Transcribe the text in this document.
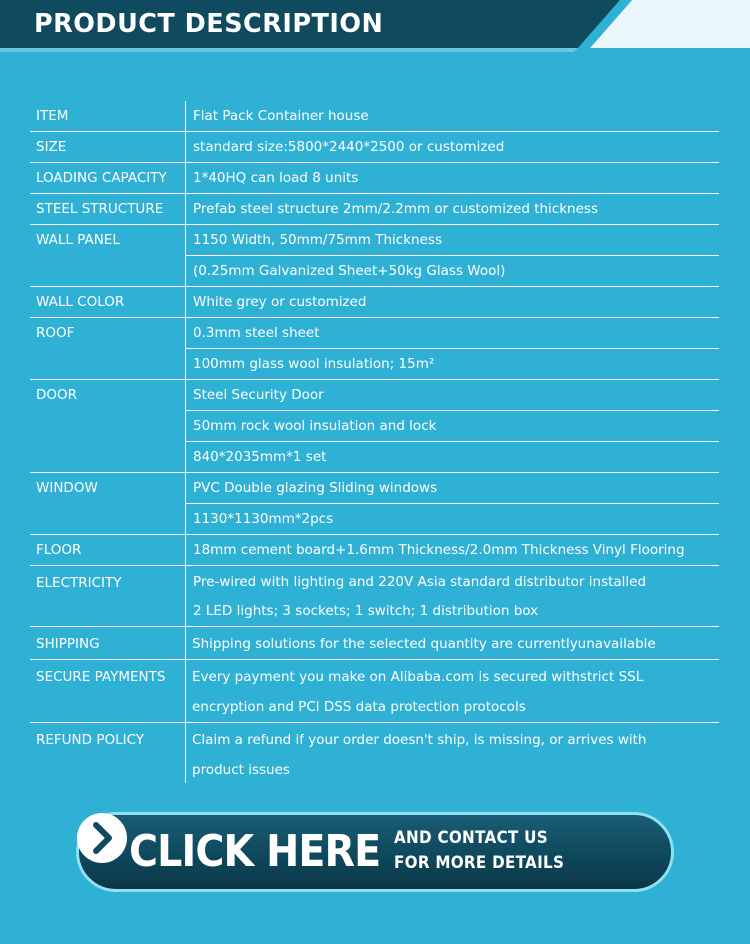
PRODUCT DESCRIPTION
ITEM	Flat Pack Container house
SIZE	standard size:5800*2440*2500 or customized
LOADING CAPACITY	1*40HQ can load 8 units
STEEL STRUCTURE	Prefab steel structure 2mm/2.2mm or customized thickness
WALL PANEL	1150 Width, 50mm/75mm Thickness
(0.25mm Galvanized Sheet+50kg Glass Wool)
WALL COLOR	White grey or customized
ROOF	0.3mm steel sheet
100mm glass wool insulation; 15m²
DOOR	Steel Security Door
50mm rock wool insulation and lock
840*2035mm*1 set
WINDOW	PVC Double glazing Sliding windows
1130*1130mm*2pcs
FLOOR	18mm cement board+1.6mm Thickness/2.0mm Thickness Vinyl Flooring
ELECTRICITY	Pre-wired with lighting and 220V Asia standard distributor installed
2 LED lights; 3 sockets; 1 switch; 1 distribution box
SHIPPING	Shipping solutions for the selected quantity are currentlyunavailable
SECURE PAYMENTS	Every payment you make on Alibaba.com is secured withstrict SSL
encryption and PCl DSS data protection protocols
REFUND POLICY	Claim a refund if your order doesn't ship, is missing, or arrives with
product issues
CLICK HERE AND CONTACT US
FOR MORE DETAILS
